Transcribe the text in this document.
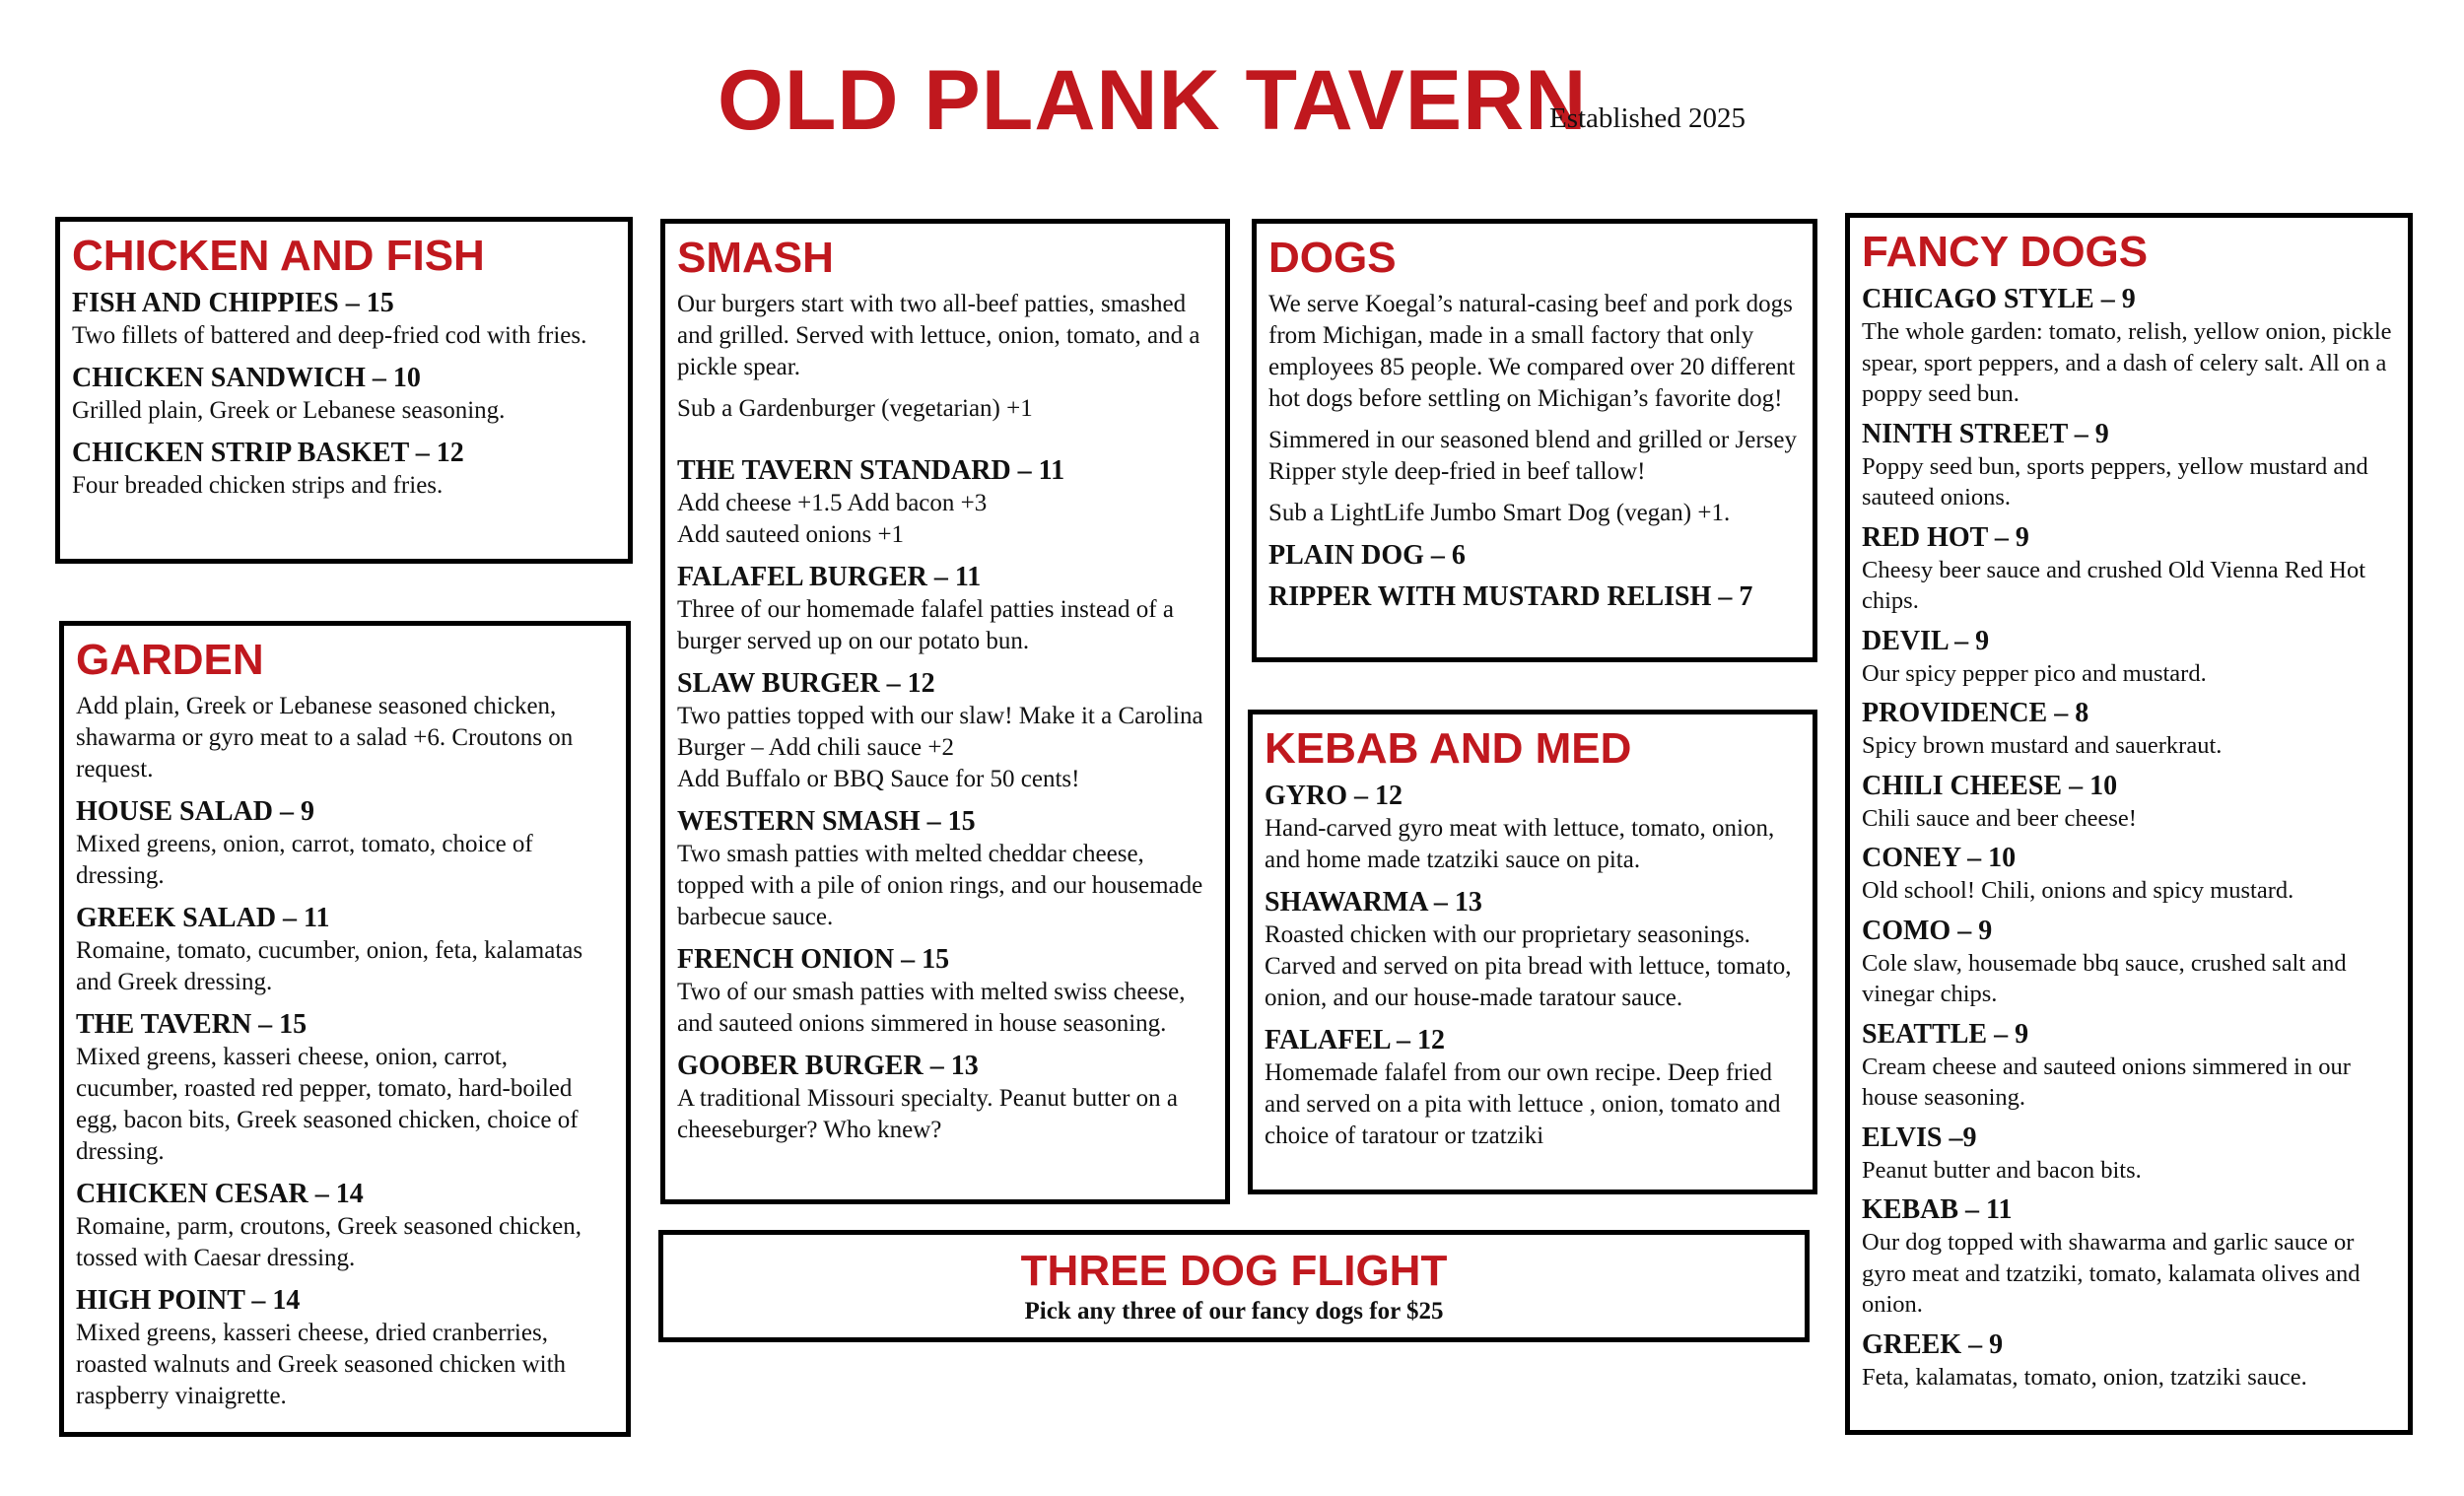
OLD PLANK TAVERN
Established 2025
CHICKEN AND FISH
FISH AND CHIPPIES – 15
Two fillets of battered and deep-fried cod with fries.
CHICKEN SANDWICH – 10
Grilled plain, Greek or Lebanese seasoning.
CHICKEN STRIP BASKET – 12
Four breaded chicken strips and fries.
GARDEN

Add plain, Greek or Lebanese seasoned chicken, shawarma or gyro meat to a salad +6. Croutons on request.

HOUSE SALAD – 9
Mixed greens, onion, carrot, tomato, choice of dressing.
GREEK SALAD – 11
Romaine, tomato, cucumber, onion, feta, kalamatas and Greek dressing.
THE TAVERN – 15
Mixed greens, kasseri cheese, onion, carrot, cucumber, roasted red pepper, tomato, hard-boiled egg, bacon bits, Greek seasoned chicken, choice of dressing.
CHICKEN CESAR – 14
Romaine, parm, croutons, Greek seasoned chicken, tossed with Caesar dressing.
HIGH POINT – 14
Mixed greens, kasseri cheese, dried cranberries, roasted walnuts and Greek seasoned chicken with raspberry vinaigrette.
SMASH

Our burgers start with two all-beef patties, smashed and grilled. Served with lettuce, onion, tomato, and a pickle spear.

Sub a Gardenburger (vegetarian) +1

THE TAVERN STANDARD – 11
Add cheese +1.5 Add bacon +3
Add sauteed onions +1
FALAFEL BURGER – 11
Three of our homemade falafel patties instead of a burger served up on our potato bun.
SLAW BURGER – 12
Two patties topped with our slaw! Make it a Carolina Burger – Add chili sauce +2
Add Buffalo or BBQ Sauce for 50 cents!
WESTERN SMASH – 15
Two smash patties with melted cheddar cheese, topped with a pile of onion rings, and our housemade barbecue sauce.
FRENCH ONION – 15
Two of our smash patties with melted swiss cheese, and sauteed onions simmered in house seasoning.
GOOBER BURGER – 13
A traditional Missouri specialty. Peanut butter on a cheeseburger? Who knew?
DOGS

We serve Koegal’s natural-casing beef and pork dogs from Michigan, made in a small factory that only employees 85 people. We compared over 20 different hot dogs before settling on Michigan’s favorite dog!

Simmered in our seasoned blend and grilled or Jersey Ripper style deep-fried in beef tallow!

Sub a LightLife Jumbo Smart Dog (vegan) +1.

PLAIN DOG – 6
RIPPER WITH MUSTARD RELISH – 7
KEBAB AND MED
GYRO – 12
Hand-carved gyro meat with lettuce, tomato, onion, and home made tzatziki sauce on pita.
SHAWARMA – 13
Roasted chicken with our proprietary seasonings. Carved and served on pita bread with lettuce, tomato, onion, and our house-made taratour sauce.
FALAFEL – 12
Homemade falafel from our own recipe. Deep fried and served on a pita with lettuce , onion, tomato and choice of taratour or tzatziki
THREE DOG FLIGHT
Pick any three of our fancy dogs for $25
FANCY DOGS
CHICAGO STYLE – 9
The whole garden: tomato, relish, yellow onion, pickle spear, sport peppers, and a dash of celery salt. All on a poppy seed bun.
NINTH STREET – 9
Poppy seed bun, sports peppers, yellow mustard and sauteed onions.
RED HOT – 9
Cheesy beer sauce and crushed Old Vienna Red Hot chips.
DEVIL – 9
Our spicy pepper pico and mustard.
PROVIDENCE – 8
Spicy brown mustard and sauerkraut.
CHILI CHEESE – 10
Chili sauce and beer cheese!
CONEY – 10
Old school! Chili, onions and spicy mustard.
COMO – 9
Cole slaw, housemade bbq sauce, crushed salt and vinegar chips.
SEATTLE – 9
Cream cheese and sauteed onions simmered in our house seasoning.
ELVIS –9
Peanut butter and bacon bits.
KEBAB – 11
Our dog topped with shawarma and garlic sauce or gyro meat and tzatziki, tomato, kalamata olives and onion.
GREEK – 9
Feta, kalamatas, tomato, onion, tzatziki sauce.
